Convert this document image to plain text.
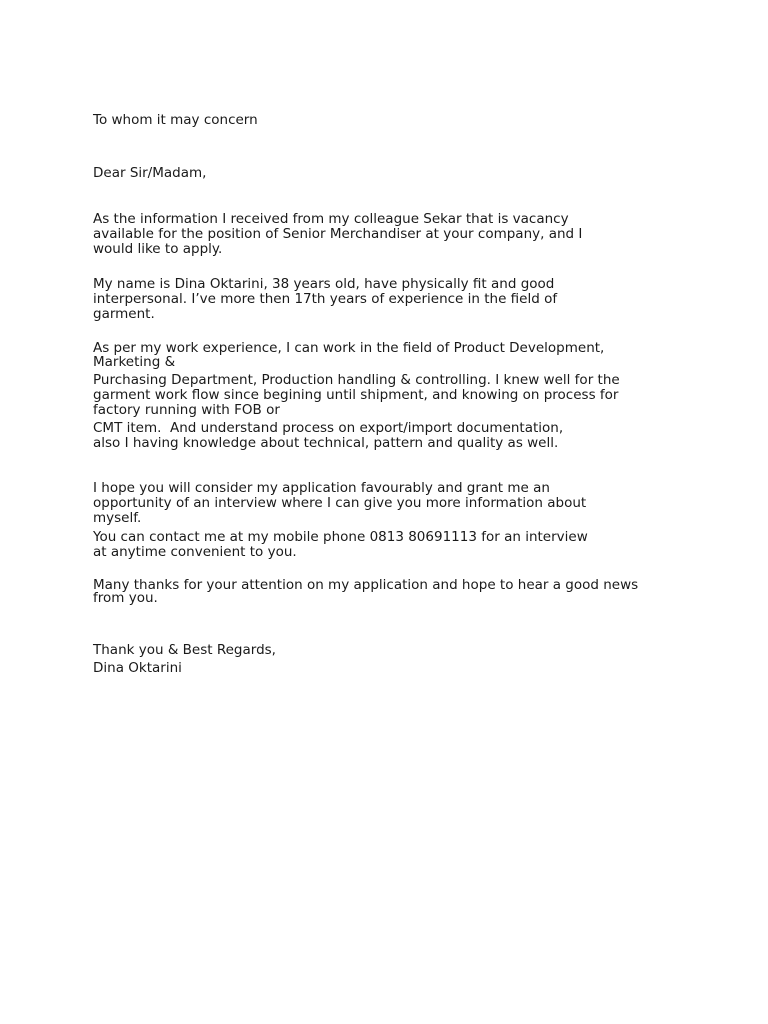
To whom it may concern
Dear Sir/Madam,
As the information I received from my colleague Sekar that is vacancy
available for the position of Senior Merchandiser at your company, and I
would like to apply.
My name is Dina Oktarini, 38 years old, have physically fit and good
interpersonal. I’ve more then 17th years of experience in the field of
garment.
As per my work experience, I can work in the field of Product Development,
Marketing &
Purchasing Department, Production handling & controlling. I knew well for the
garment work flow since begining until shipment, and knowing on process for
factory running with FOB or
CMT item.  And understand process on export/import documentation,
also I having knowledge about technical, pattern and quality as well.
I hope you will consider my application favourably and grant me an
opportunity of an interview where I can give you more information about
myself.
You can contact me at my mobile phone 0813 80691113 for an interview
at anytime convenient to you.
Many thanks for your attention on my application and hope to hear a good news
from you.
Thank you & Best Regards,
Dina Oktarini
